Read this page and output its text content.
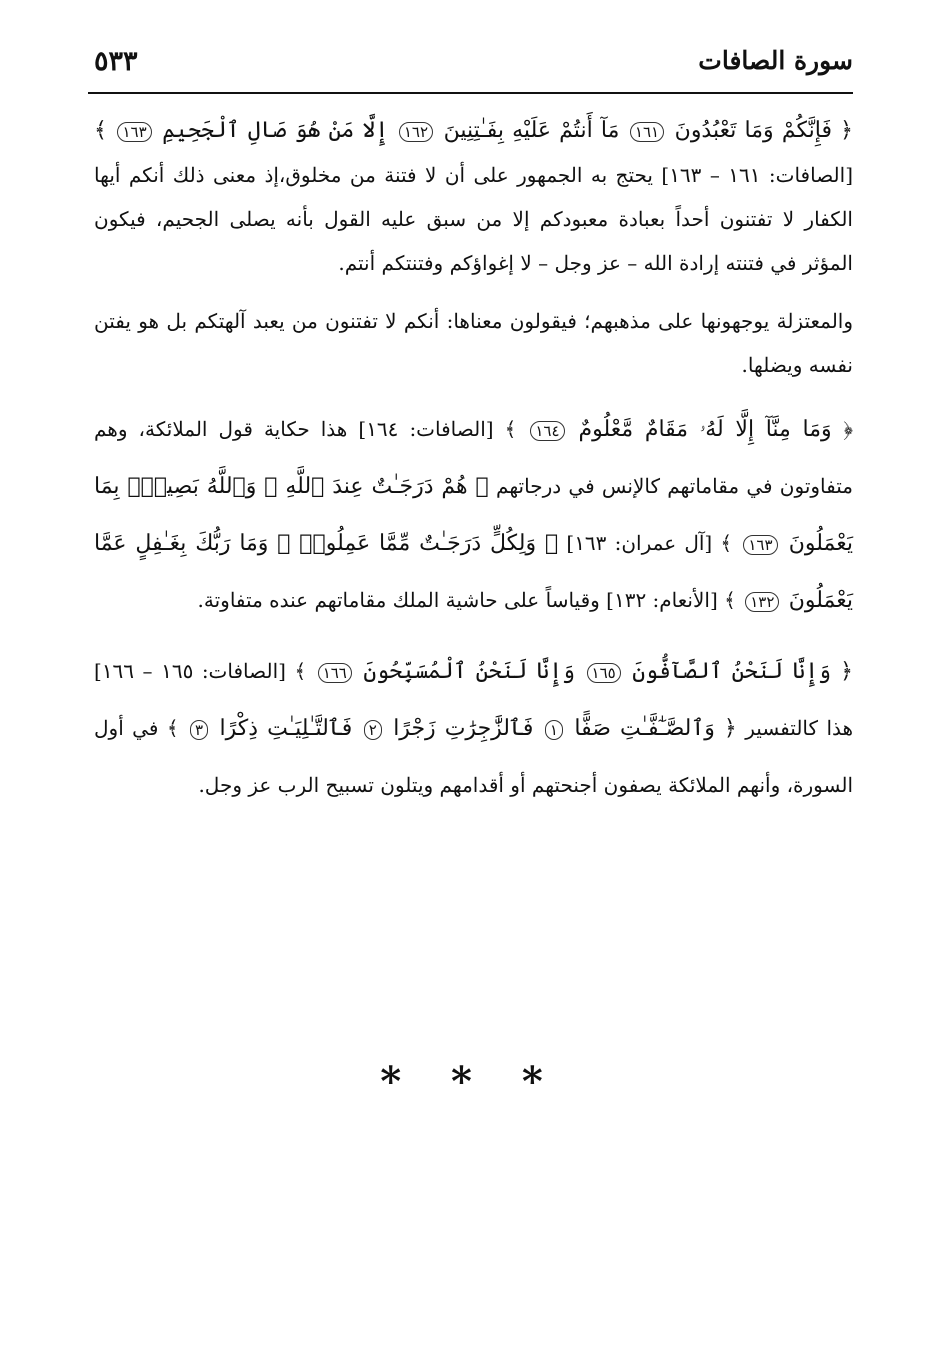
٥٣٣	سورة الصافات

﴿ فَإِنَّكُمْ وَمَا تَعْبُدُونَ ١٦١ مَآ أَنتُمْ عَلَيْهِ بِفَـٰتِنِينَ ١٦٢ إِلَّا مَنْ هُوَ صَالِ ٱلْجَحِيمِ ١٦٣ ﴾ [الصافات: ١٦١ – ١٦٣] يحتج به الجمهور على أن لا فتنة من مخلوق،إذ معنى ذلك أنكم أيها الكفار لا تفتنون أحداً بعبادة معبودكم إلا من سبق عليه القول بأنه يصلى الجحيم، فيكون المؤثر في فتنته إرادة الله – عز وجل – لا إغواؤكم وفتنتكم أنتم.

والمعتزلة يوجهونها على مذهبهم؛ فيقولون معناها: أنكم لا تفتنون من يعبد آلهتكم بل هو يفتن نفسه ويضلها.

﴿ وَمَا مِنَّآ إِلَّا لَهُۥ مَقَامٌ مَّعْلُومٌ ١٦٤ ﴾ [الصافات: ١٦٤] هذا حكاية قول الملائكة، وهم متفاوتون في مقاماتهم كالإنس في درجاتهم ﴿ هُمْ دَرَجَـٰتٌ عِندَ ٱللَّهِ ۗ وَٱللَّهُ بَصِيرٌۢ بِمَا يَعْمَلُونَ ١٦٣ ﴾ [آل عمران: ١٦٣] ﴿ وَلِكُلٍّ دَرَجَـٰتٌ مِّمَّا عَمِلُوا۟ ۚ وَمَا رَبُّكَ بِغَـٰفِلٍ عَمَّا يَعْمَلُونَ ١٣٢ ﴾ [الأنعام: ١٣٢] وقياساً على حاشية الملك مقاماتهم عنده متفاوتة.

﴿ وَإِنَّا لَنَحْنُ ٱلصَّآفُّونَ ١٦٥ وَإِنَّا لَنَحْنُ ٱلْمُسَبِّحُونَ ١٦٦ ﴾ [الصافات: ١٦٥ – ١٦٦] هذا كالتفسير ﴿ وَٱلصَّـٰٓفَّـٰتِ صَفًّا ١ فَٱلزَّٰجِرَٰتِ زَجْرًا ٢ فَٱلتَّـٰلِيَـٰتِ ذِكْرًا ٣ ﴾ في أول السورة، وأنهم الملائكة يصفون أجنحتهم أو أقدامهم ويتلون تسبيح الرب عز وجل.

* * *
